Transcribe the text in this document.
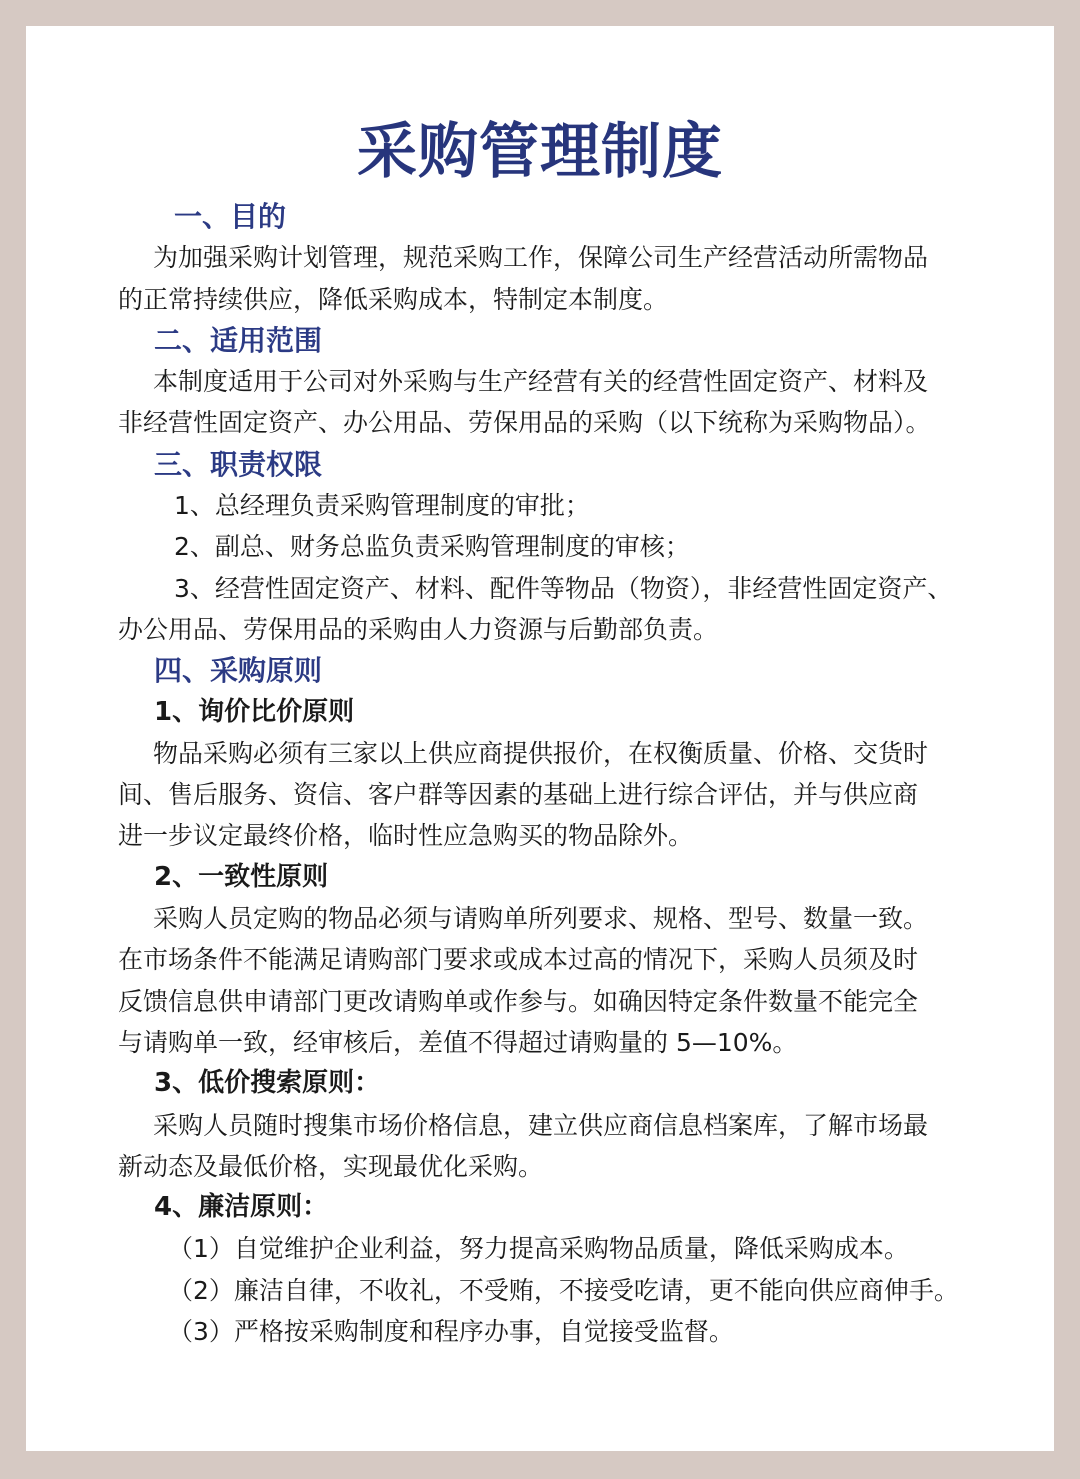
采购管理制度
一、目的
为加强采购计划管理，规范采购工作，保障公司生产经营活动所需物品
的正常持续供应，降低采购成本，特制定本制度。
二、适用范围
本制度适用于公司对外采购与生产经营有关的经营性固定资产、材料及
非经营性固定资产、办公用品、劳保用品的采购（以下统称为采购物品）。
三、职责权限
1、总经理负责采购管理制度的审批；
2、副总、财务总监负责采购管理制度的审核；
3、经营性固定资产、材料、配件等物品（物资），非经营性固定资产、
办公用品、劳保用品的采购由人力资源与后勤部负责。
四、采购原则
1、询价比价原则
物品采购必须有三家以上供应商提供报价，在权衡质量、价格、交货时
间、售后服务、资信、客户群等因素的基础上进行综合评估，并与供应商
进一步议定最终价格，临时性应急购买的物品除外。
2、一致性原则
采购人员定购的物品必须与请购单所列要求、规格、型号、数量一致。
在市场条件不能满足请购部门要求或成本过高的情况下，采购人员须及时
反馈信息供申请部门更改请购单或作参与。如确因特定条件数量不能完全
与请购单一致，经审核后，差值不得超过请购量的 5—10%。
3、低价搜索原则：
采购人员随时搜集市场价格信息，建立供应商信息档案库，了解市场最
新动态及最低价格，实现最优化采购。
4、廉洁原则：
（1）自觉维护企业利益，努力提高采购物品质量，降低采购成本。
（2）廉洁自律，不收礼，不受贿，不接受吃请，更不能向供应商伸手。
（3）严格按采购制度和程序办事，自觉接受监督。
